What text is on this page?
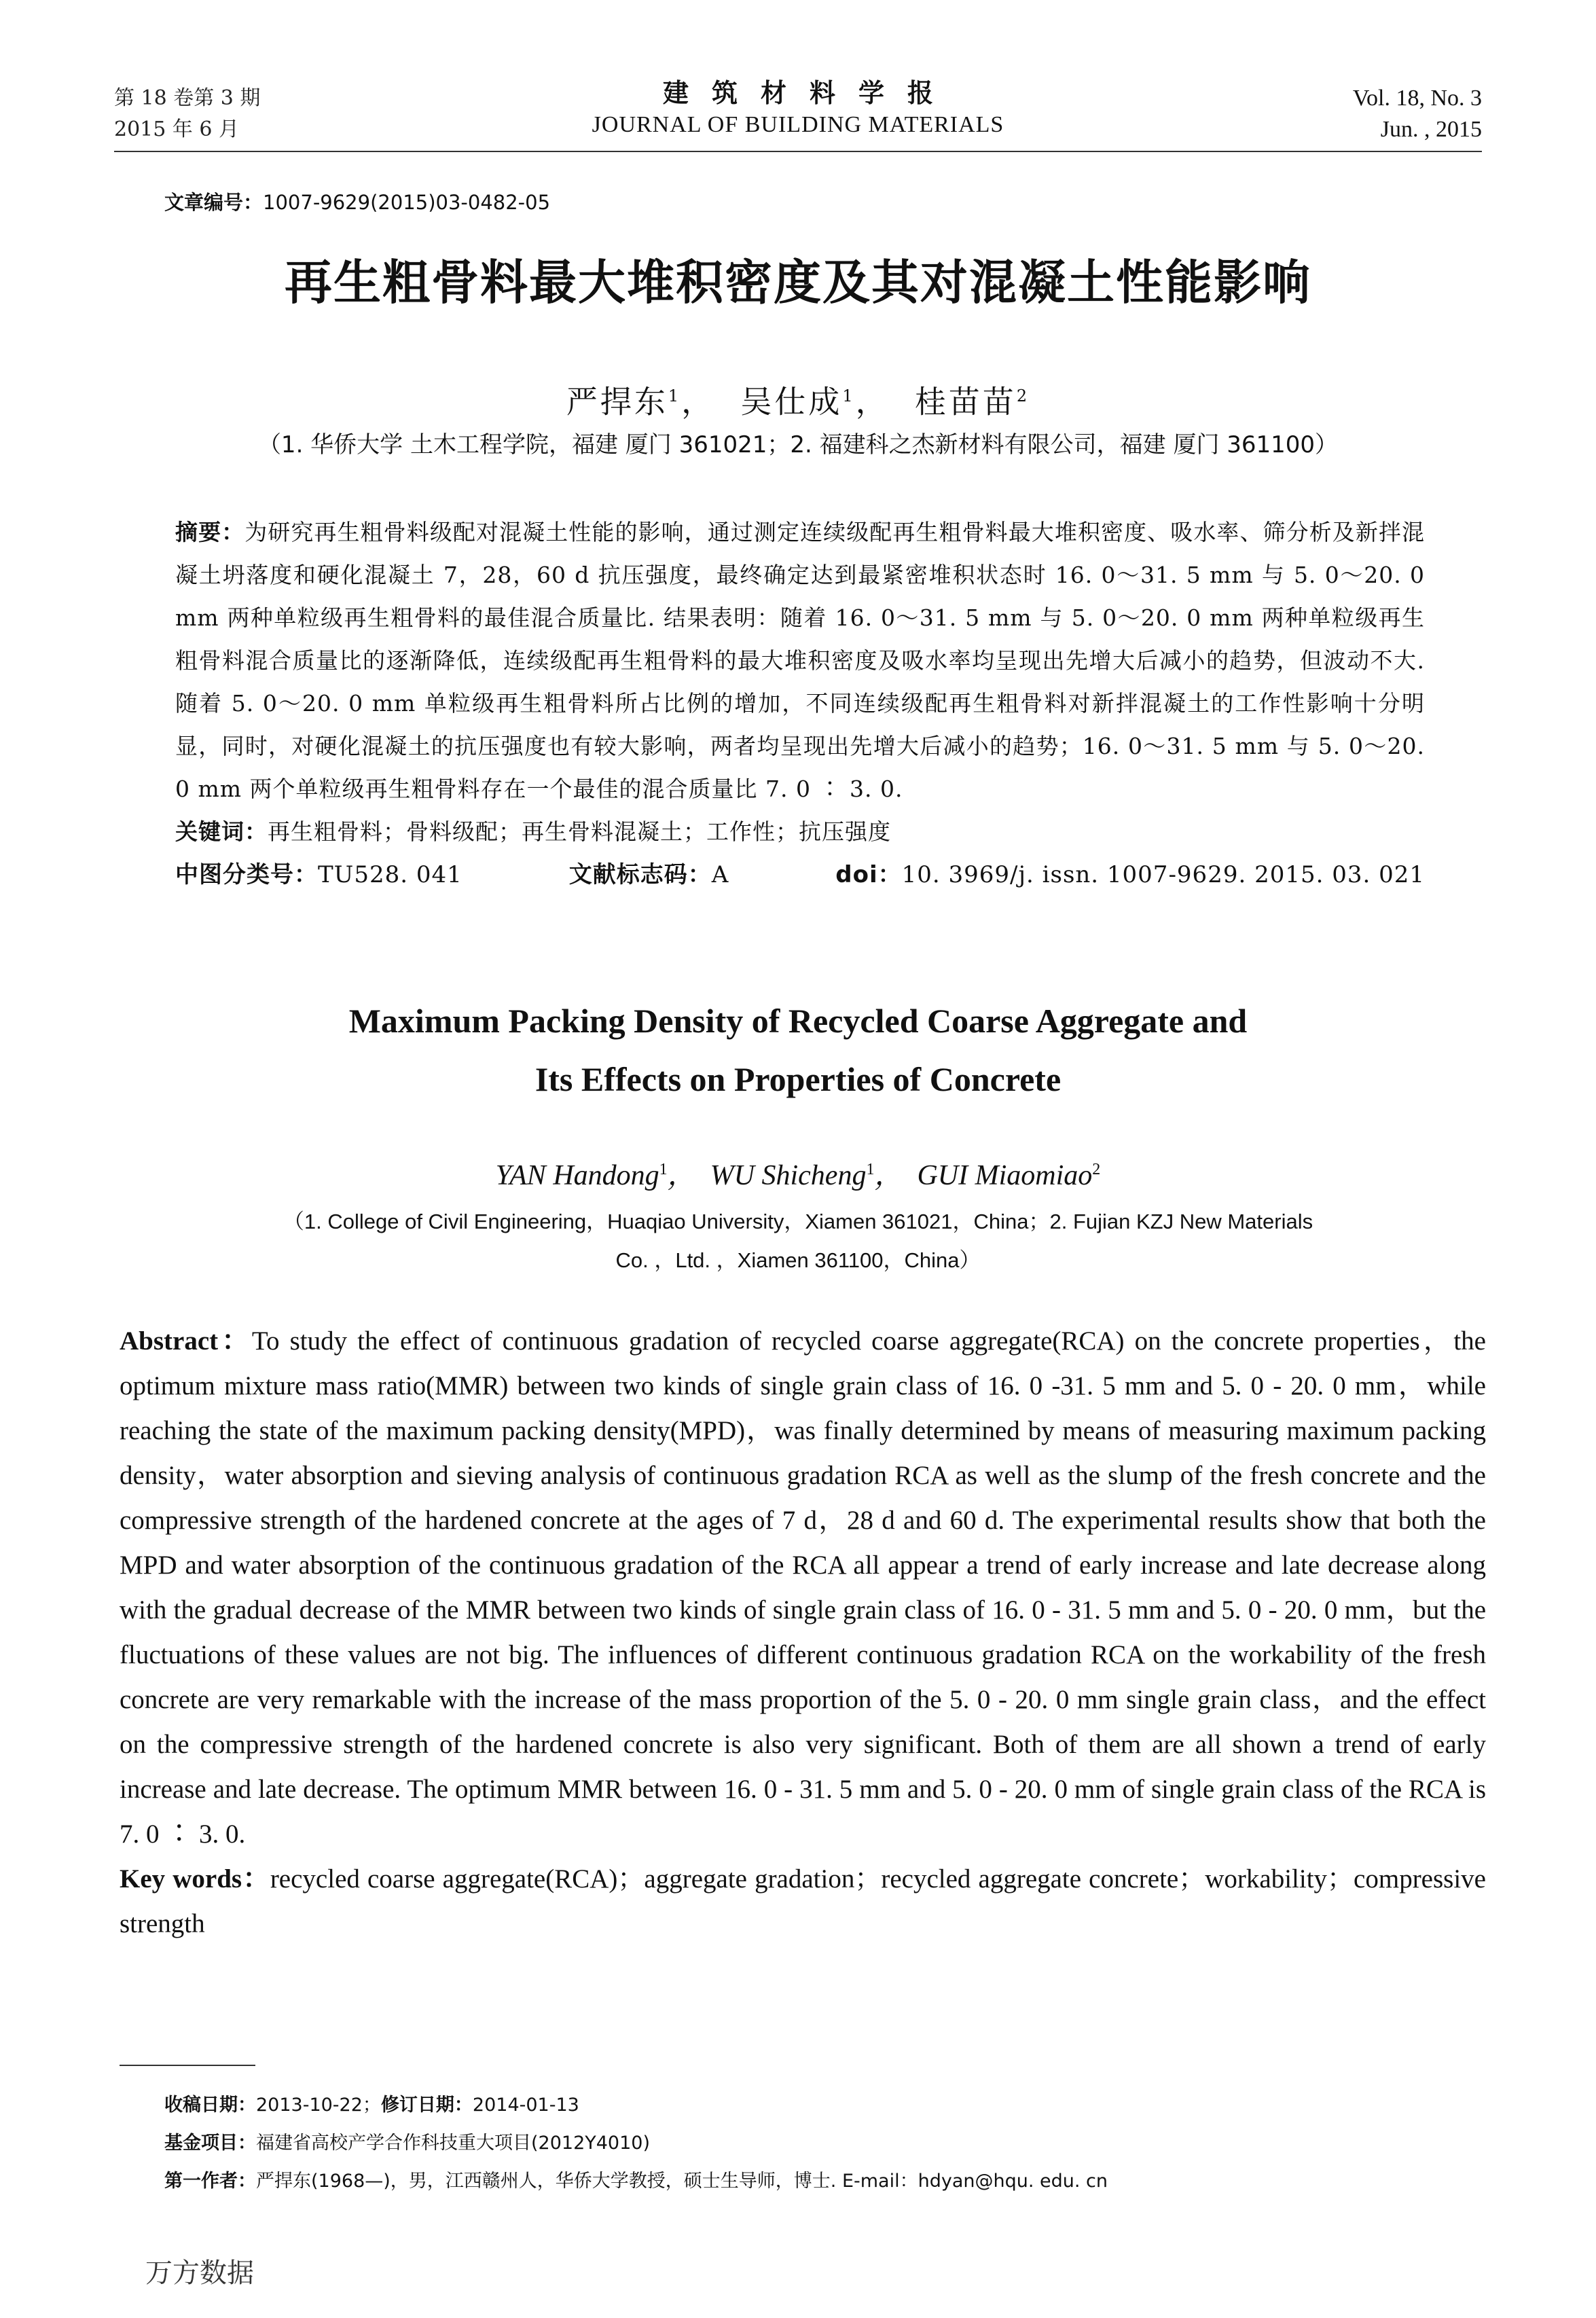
第 18 卷第 3 期
2015 年 6 月
建筑材料学报
JOURNAL OF BUILDING MATERIALS
Vol. 18, No. 3
Jun. , 2015
文章编号：1007-9629(2015)03-0482-05
再生粗骨料最大堆积密度及其对混凝土性能影响
严捍东$^1$， 吴仕成$^1$， 桂苗苗$^2$
（1. 华侨大学 土木工程学院，福建 厦门 361021；2. 福建科之杰新材料有限公司，福建 厦门 361100）

摘要：为研究再生粗骨料级配对混凝土性能的影响，通过测定连续级配再生粗骨料最大堆积密度、吸水率、筛分析及新拌混凝土坍落度和硬化混凝土 7，28，60 d 抗压强度，最终确定达到最紧密堆积状态时 16. 0～31. 5 mm 与 5. 0～20. 0 mm 两种单粒级再生粗骨料的最佳混合质量比. 结果表明：随着 16. 0～31. 5 mm 与 5. 0～20. 0 mm 两种单粒级再生粗骨料混合质量比的逐渐降低，连续级配再生粗骨料的最大堆积密度及吸水率均呈现出先增大后减小的趋势，但波动不大. 随着 5. 0～20. 0 mm 单粒级再生粗骨料所占比例的增加，不同连续级配再生粗骨料对新拌混凝土的工作性影响十分明显，同时，对硬化混凝土的抗压强度也有较大影响，两者均呈现出先增大后减小的趋势；16. 0～31. 5 mm 与 5. 0～20. 0 mm 两个单粒级再生粗骨料存在一个最佳的混合质量比 7. 0 ∶ 3. 0.

关键词：再生粗骨料；骨料级配；再生骨料混凝土；工作性；抗压强度

中图分类号：TU528. 041	文献标志码：A	doi：10. 3969/j. issn. 1007-9629. 2015. 03. 021
Maximum Packing Density of Recycled Coarse Aggregate and
Its Effects on Properties of Concrete
YAN Handong$^1$， WU Shicheng$^1$， GUI Miaomiao$^2$
（1. College of Civil Engineering，Huaqiao University，Xiamen 361021，China；2. Fujian KZJ New Materials
Co. ，Ltd. ，Xiamen 361100，China）

Abstract：To study the effect of continuous gradation of recycled coarse aggregate(RCA) on the concrete properties，the optimum mixture mass ratio(MMR) between two kinds of single grain class of 16. 0 -31. 5 mm and 5. 0 - 20. 0 mm，while reaching the state of the maximum packing density(MPD)，was finally determined by means of measuring maximum packing density，water absorption and sieving analysis of continuous gradation RCA as well as the slump of the fresh concrete and the compressive strength of the hardened concrete at the ages of 7 d，28 d and 60 d. The experimental results show that both the MPD and water absorption of the continuous gradation of the RCA all appear a trend of early increase and late decrease along with the gradual decrease of the MMR between two kinds of single grain class of 16. 0 - 31. 5 mm and 5. 0 - 20. 0 mm，but the fluctuations of these values are not big. The influences of different continuous gradation RCA on the workability of the fresh concrete are very remarkable with the increase of the mass proportion of the 5. 0 - 20. 0 mm single grain class，and the effect on the compressive strength of the hardened concrete is also very significant. Both of them are all shown a trend of early increase and late decrease. The optimum MMR between 16. 0 - 31. 5 mm and 5. 0 - 20. 0 mm of single grain class of the RCA is 7. 0 ∶ 3. 0.

Key words：recycled coarse aggregate(RCA)；aggregate gradation；recycled aggregate concrete；workability；compressive strength

收稿日期：2013-10-22；修订日期：2014-01-13

基金项目：福建省高校产学合作科技重大项目(2012Y4010)

第一作者：严捍东(1968—)，男，江西赣州人，华侨大学教授，硕士生导师，博士. E-mail：hdyan@hqu. edu. cn

万方数据
